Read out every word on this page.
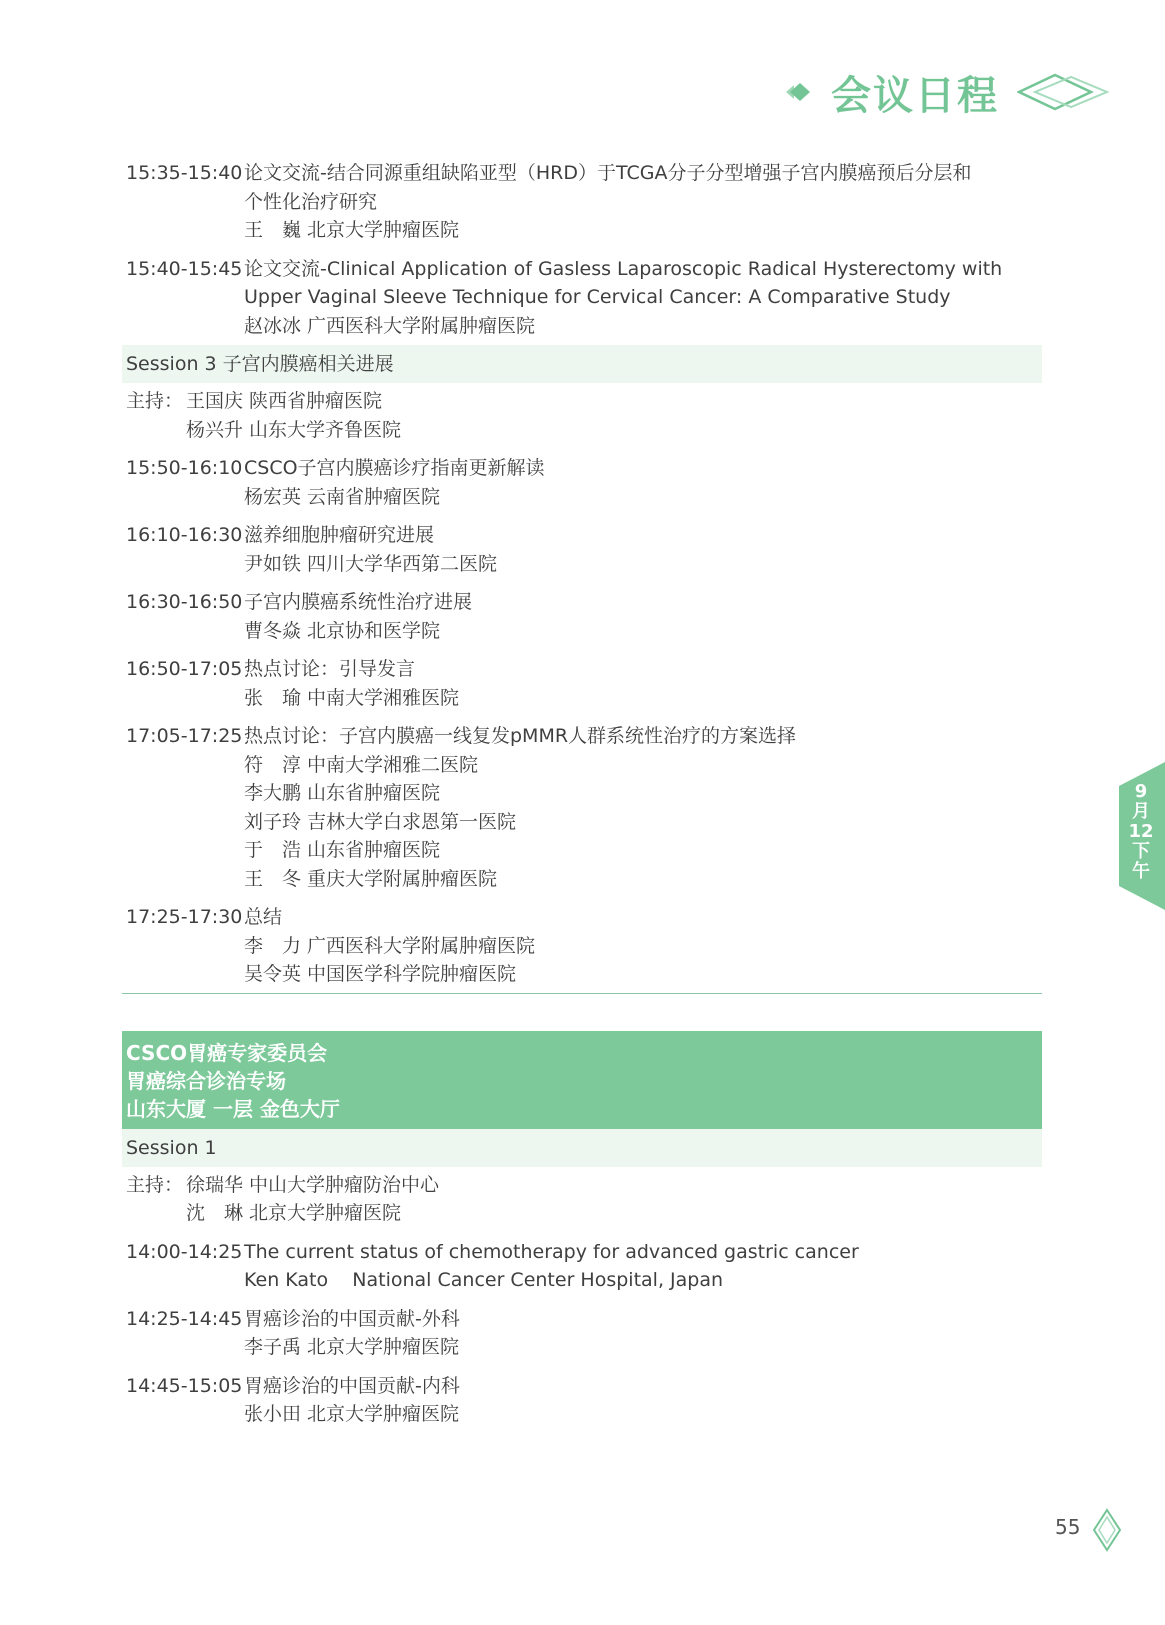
会议日程
15:35-15:40 论文交流-结合同源重组缺陷亚型（HRD）于TCGA分子分型增强子宫内膜癌预后分层和
个性化治疗研究
王　巍 北京大学肿瘤医院
15:40-15:45 论文交流-Clinical Application of Gasless Laparoscopic Radical Hysterectomy with
Upper Vaginal Sleeve Technique for Cervical Cancer: A Comparative Study
赵冰冰 广西医科大学附属肿瘤医院
Session 3 子宫内膜癌相关进展
主持： 王国庆 陕西省肿瘤医院
杨兴升 山东大学齐鲁医院
15:50-16:10 CSCO子宫内膜癌诊疗指南更新解读
杨宏英 云南省肿瘤医院
16:10-16:30 滋养细胞肿瘤研究进展
尹如铁 四川大学华西第二医院
16:30-16:50 子宫内膜癌系统性治疗进展
曹冬焱 北京协和医学院
16:50-17:05 热点讨论：引导发言
张　瑜 中南大学湘雅医院
17:05-17:25 热点讨论：子宫内膜癌一线复发pMMR人群系统性治疗的方案选择
符　淳 中南大学湘雅二医院
李大鹏 山东省肿瘤医院
刘子玲 吉林大学白求恩第一医院
于　浩 山东省肿瘤医院
王　冬 重庆大学附属肿瘤医院
17:25-17:30 总结
李　力 广西医科大学附属肿瘤医院
吴令英 中国医学科学院肿瘤医院
CSCO胃癌专家委员会
胃癌综合诊治专场
山东大厦 一层 金色大厅
Session 1
主持： 徐瑞华 中山大学肿瘤防治中心
沈　琳 北京大学肿瘤医院
14:00-14:25 The current status of chemotherapy for advanced gastric cancer
Ken Kato    National Cancer Center Hospital, Japan
14:25-14:45 胃癌诊治的中国贡献-外科
李子禹 北京大学肿瘤医院
14:45-15:05 胃癌诊治的中国贡献-内科
张小田 北京大学肿瘤医院
9
月
12
下
午
55
